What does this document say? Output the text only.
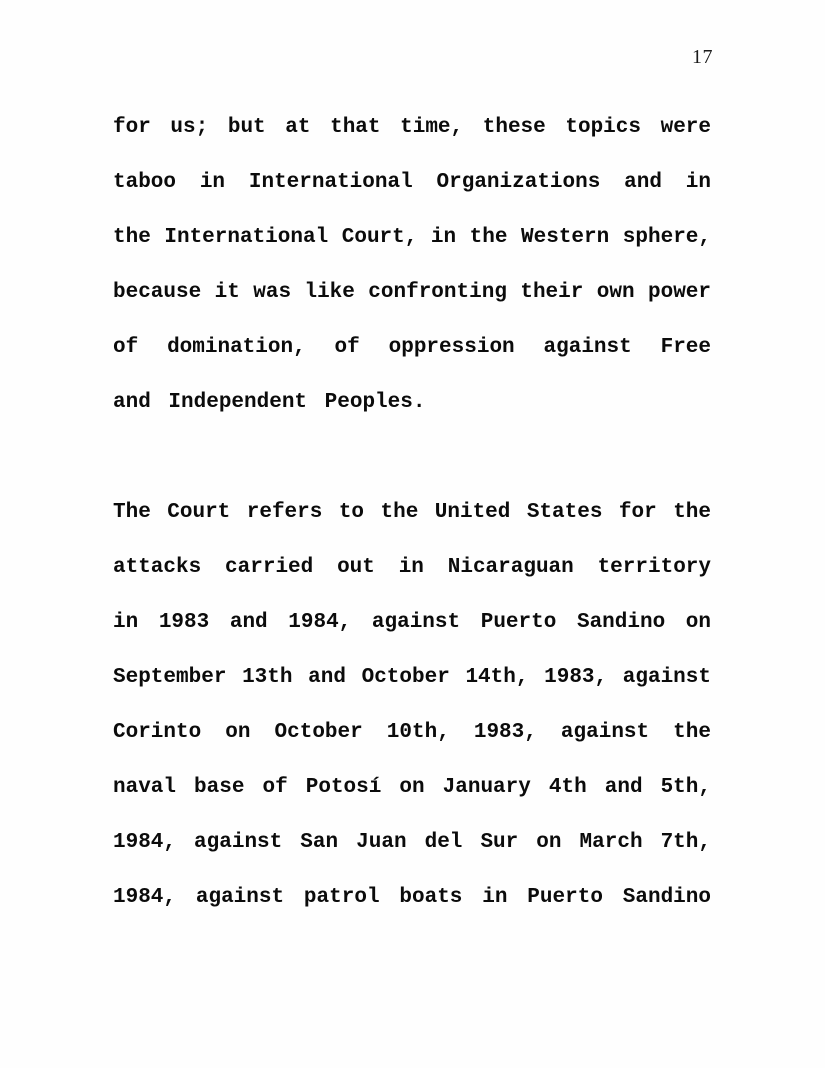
17
for us; but at that time, these topics were
taboo in International Organizations and in
the International Court, in the Western sphere,
because it was like confronting their own power
of domination, of oppression against Free
and Independent Peoples.
The Court refers to the United States for the
attacks carried out in Nicaraguan territory
in 1983 and 1984, against Puerto Sandino on
September 13th and October 14th, 1983, against
Corinto on October 10th, 1983, against the
naval base of Potosí on January 4th and 5th,
1984, against San Juan del Sur on March 7th,
1984, against patrol boats in Puerto Sandino
